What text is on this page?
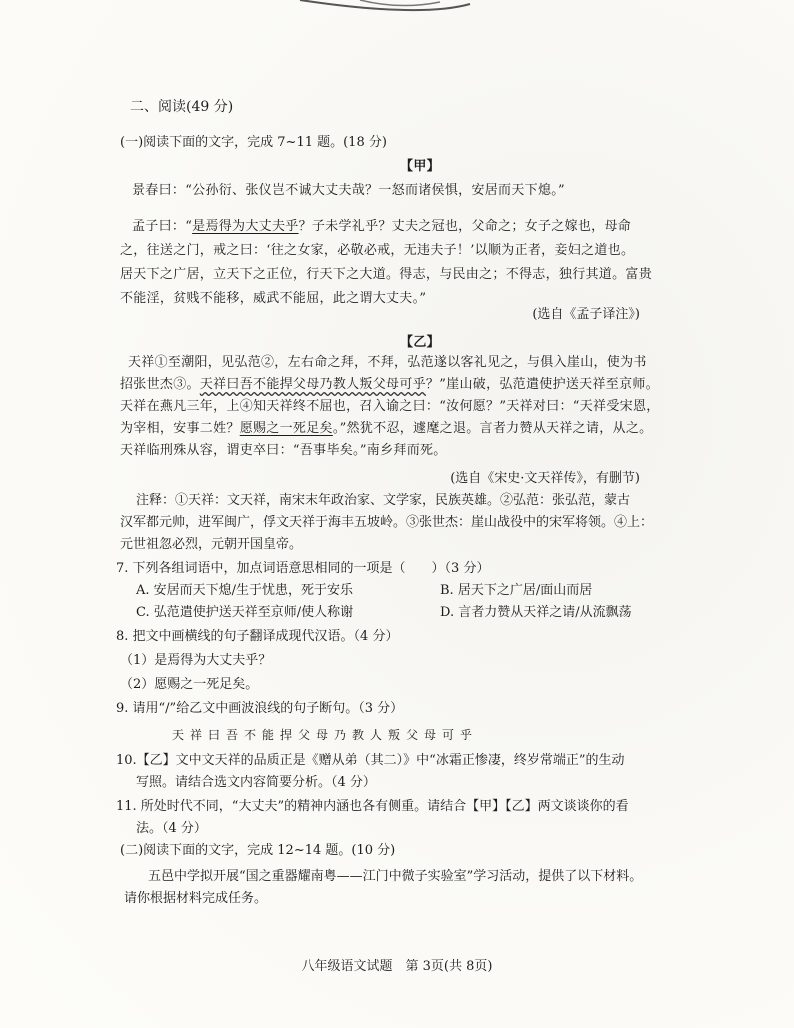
二、阅读(49 分)
(一)阅读下面的文字，完成 7~11 题。(18 分)
【甲】
景春曰：“公孙衍、张仪岂不诚大丈夫哉？一怒而诸侯惧，安居而天下熄。”
孟子曰：“是焉得为大丈夫乎？子未学礼乎？丈夫之冠也，父命之；女子之嫁也，母命
之，往送之门，戒之曰：‘往之女家，必敬必戒，无违夫子！’以顺为正者，妾妇之道也。
居天下之广居，立天下之正位，行天下之大道。得志，与民由之；不得志，独行其道。富贵
不能淫，贫贱不能移，威武不能屈，此之谓大丈夫。”
(选自《孟子译注》)
【乙】
天祥①至潮阳，见弘范②，左右命之拜，不拜，弘范遂以客礼见之，与俱入崖山，使为书
招张世杰③。天祥曰吾不能捍父母乃教人叛父母可乎？”崖山破，弘范遣使护送天祥至京师。
天祥在燕凡三年，上④知天祥终不屈也，召入谕之曰：“汝何愿？”天祥对曰：“天祥受宋恩，
为宰相，安事二姓？愿赐之一死足矣。”然犹不忍，遽麾之退。言者力赞从天祥之请，从之。
天祥临刑殊从容，谓吏卒曰：“吾事毕矣。”南乡拜而死。
(选自《宋史·文天祥传》，有删节)
注释：①天祥：文天祥，南宋末年政治家、文学家，民族英雄。②弘范：张弘范，蒙古
汉军都元帅，进军闽广，俘文天祥于海丰五坡岭。③张世杰：崖山战役中的宋军将领。④上：
元世祖忽必烈，元朝开国皇帝。
7. 下列各组词语中，加点词语意思相同的一项是（　　）（3 分）
A. 安居而天下熄/生于忧患，死于安乐	B. 居天下之广居/面山而居
C. 弘范遣使护送天祥至京师/使人称谢	D. 言者力赞从天祥之请/从流飘荡
8. 把文中画横线的句子翻译成现代汉语。（4 分）
（1）是焉得为大丈夫乎？
（2）愿赐之一死足矣。
9. 请用“/”给乙文中画波浪线的句子断句。（3 分）
天祥曰吾不能捍父母乃教人叛父母可乎
10.【乙】文中文天祥的品质正是《赠从弟（其二）》中“冰霜正惨凄，终岁常端正”的生动
写照。请结合选文内容简要分析。（4 分）
11. 所处时代不同，“大丈夫”的精神内涵也各有侧重。请结合【甲】【乙】两文谈谈你的看
法。（4 分）
(二)阅读下面的文字，完成 12~14 题。(10 分)
五邑中学拟开展“国之重器耀南粤——江门中微子实验室”学习活动，提供了以下材料。
请你根据材料完成任务。
八年级语文试题　第 3页(共 8页)
